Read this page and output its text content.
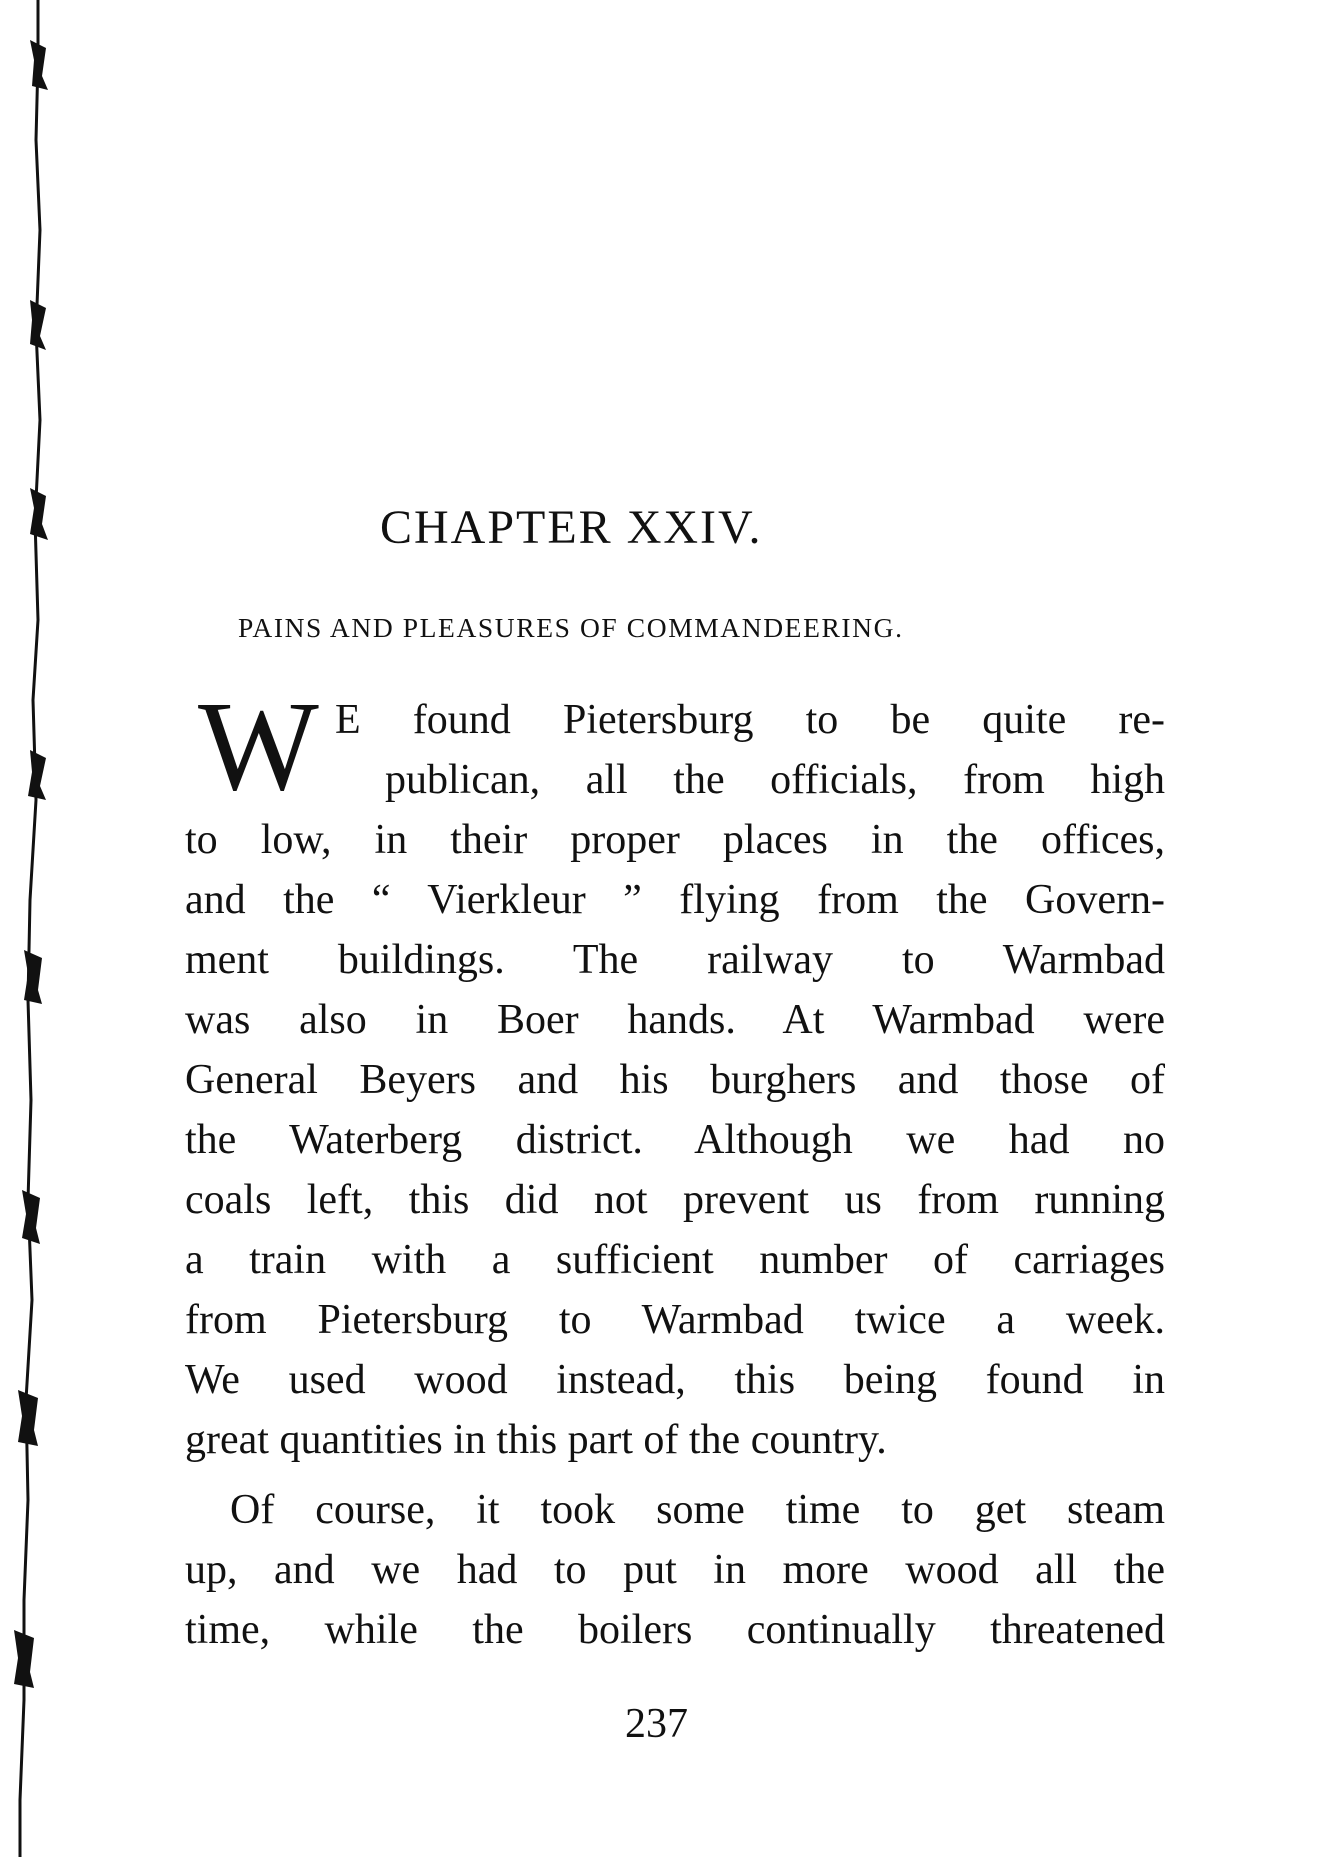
CHAPTER XXIV.
PAINS AND PLEASURES OF COMMANDEERING.
W E found Pietersburg to be quite re-
publican, all the officials, from high
to low, in their proper places in the offices,
and the “ Vierkleur ” flying from the Govern-
ment buildings. The railway to Warmbad
was also in Boer hands. At Warmbad were
General Beyers and his burghers and those of
the Waterberg district. Although we had no
coals left, this did not prevent us from running
a train with a sufficient number of carriages
from Pietersburg to Warmbad twice a week.
We used wood instead, this being found in
great quantities in this part of the country.
Of course, it took some time to get steam
up, and we had to put in more wood all the
time, while the boilers continually threatened
237
